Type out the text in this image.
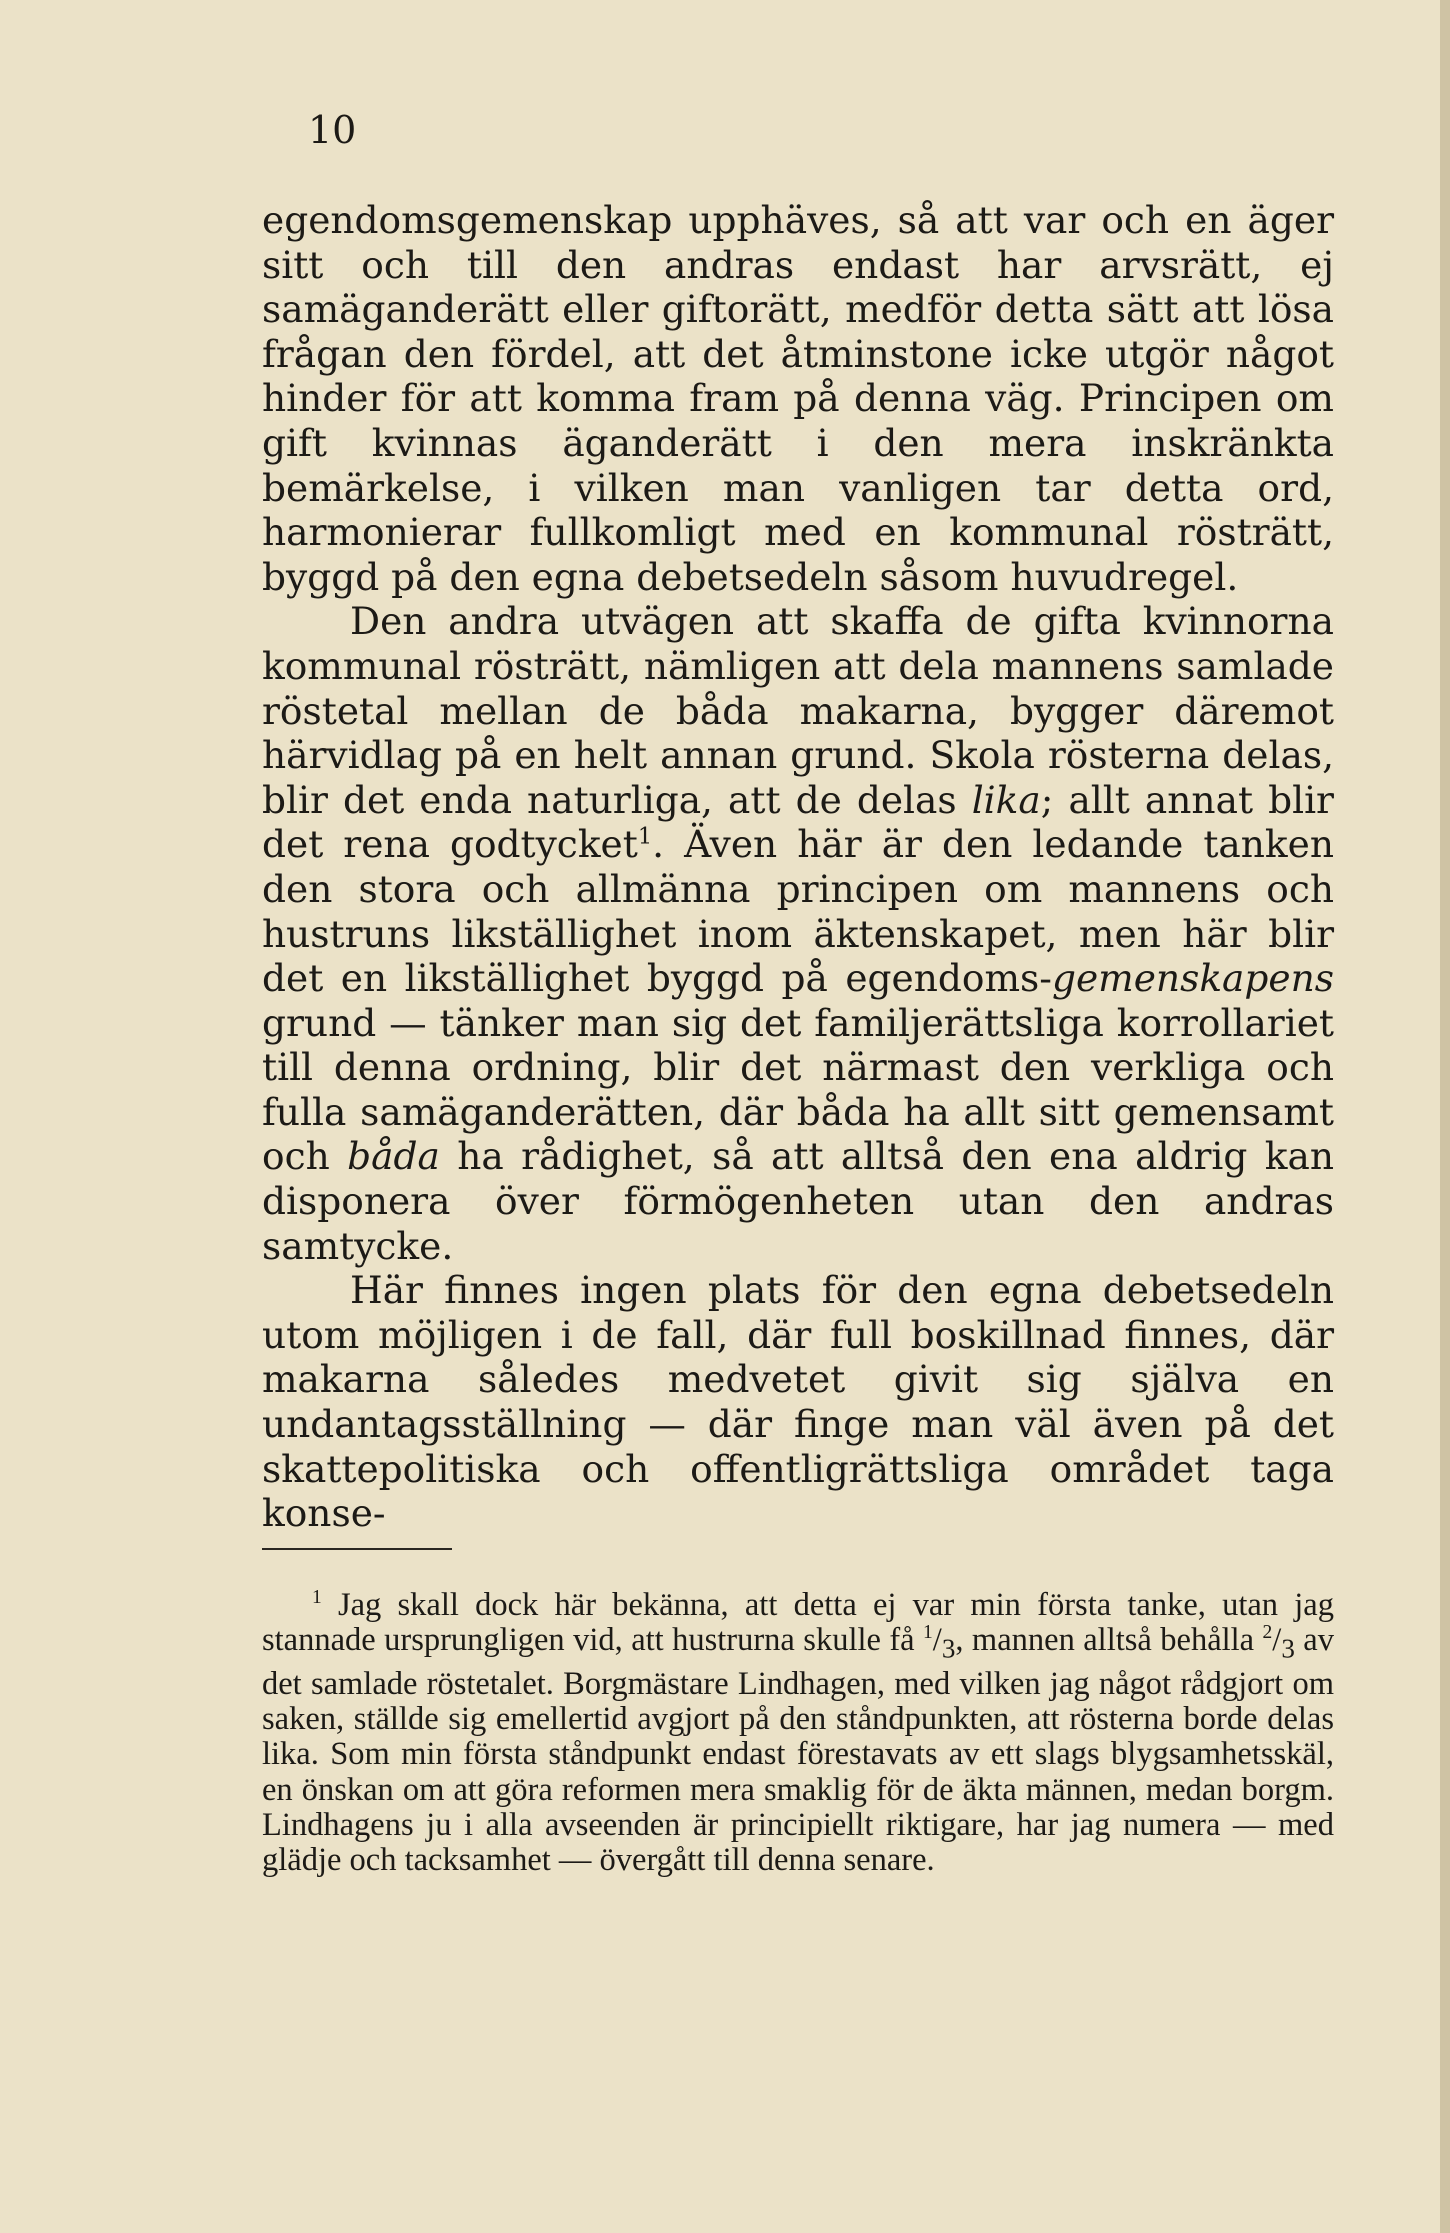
10

egendomsgemenskap upphäves, så att var och en äger sitt och till den andras endast har arvsrätt, ej samäganderätt eller giftorätt, medför detta sätt att lösa frågan den fördel, att det åtminstone icke utgör något hinder för att komma fram på denna väg. Principen om gift kvinnas äganderätt i den mera inskränkta bemärkelse, i vilken man vanligen tar detta ord, harmonierar fullkomligt med en kommunal rösträtt, byggd på den egna debetsedeln såsom huvudregel.

Den andra utvägen att skaffa de gifta kvinnorna kommunal rösträtt, nämligen att dela mannens samlade röstetal mellan de båda makarna, bygger däremot härvidlag på en helt annan grund. Skola rösterna delas, blir det enda naturliga, att de delas lika; allt annat blir det rena godtycket$^1$. Även här är den ledande tanken den stora och allmänna principen om mannens och hustruns likställighet inom äktenskapet, men här blir det en likställighet byggd på egendoms-gemenskapens grund — tänker man sig det familjerättsliga korrollariet till denna ordning, blir det närmast den verkliga och fulla samäganderätten, där båda ha allt sitt gemensamt och båda ha rådighet, så att alltså den ena aldrig kan disponera över förmögenheten utan den andras samtycke.

Här finnes ingen plats för den egna debetsedeln utom möjligen i de fall, där full boskillnad finnes, där makarna således medvetet givit sig själva en undantagsställning — där finge man väl även på det skattepolitiska och offentligrättsliga området taga konse-

$^1$ Jag skall dock här bekänna, att detta ej var min första tanke, utan jag stannade ursprungligen vid, att hustrurna skulle få $^1/_3$, mannen alltså behålla $^2/_3$ av det samlade röstetalet. Borgmästare Lindhagen, med vilken jag något rådgjort om saken, ställde sig emellertid avgjort på den ståndpunkten, att rösterna borde delas lika. Som min första ståndpunkt endast förestavats av ett slags blygsamhetsskäl, en önskan om att göra reformen mera smaklig för de äkta männen, medan borgm. Lindhagens ju i alla avseenden är principiellt riktigare, har jag numera — med glädje och tacksamhet — övergått till denna senare.
